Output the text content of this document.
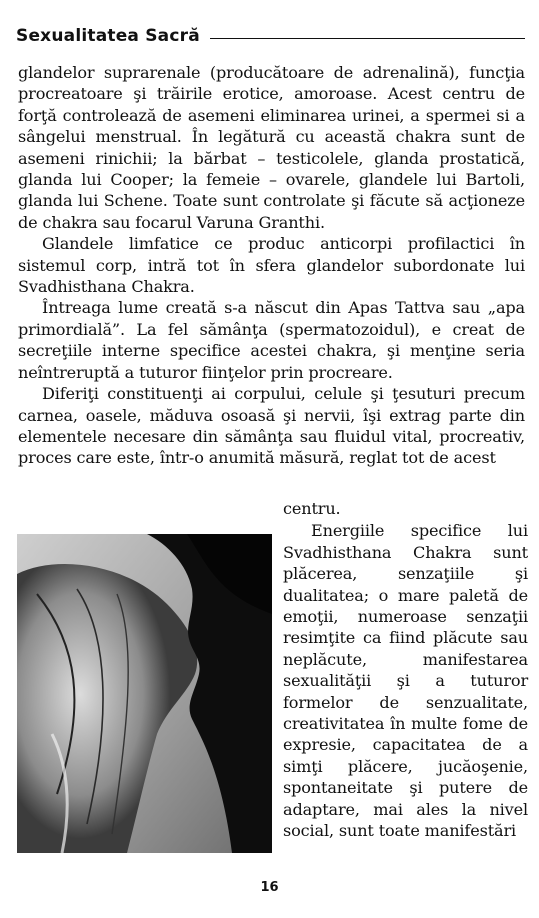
Sexualitatea Sacră

glandelor suprarenale (producătoare de adrenalină), funcţia procreatoare şi trăirile erotice, amoroase. Acest centru de forţă controlează de asemeni eliminarea urinei, a spermei si a sângelui menstrual. În legătură cu această chakra sunt de asemeni rinichii; la bărbat – testicolele, glanda prostatică, glanda lui Cooper; la femeie – ovarele, glandele lui Bartoli, glanda lui Schene. Toate sunt controlate şi făcute să acţioneze de chakra sau focarul Varuna Granthi.

Glandele limfatice ce produc anticorpi profilactici în sistemul corp, intră tot în sfera glandelor subordonate lui Svadhisthana Chakra.

Întreaga lume creată s-a născut din Apas Tattva sau „apa primordială”. La fel sămânţa (spermatozoidul), e creat de secreţiile interne specifice acestei chakra, şi menţine seria neîntreruptă a tuturor fiinţelor prin procreare.

Diferiţi constituenţi ai corpului, celule şi ţesuturi precum carnea, oasele, măduva osoasă şi nervii, îşi extrag parte din elementele necesare din sămânţa sau fluidul vital, procreativ, proces care este, într-o anumită măsură, reglat tot de acest

centru.

Energiile specifice lui Svadhisthana Chakra sunt plăcerea, senzaţiile şi dualitatea; o mare paletă de emoţii, numeroase senzaţii resimţite ca fiind plăcute sau neplăcute, manifestarea sexualităţii şi a tuturor formelor de senzualitate, creativitatea în multe fome de expresie, capacitatea de a simţi plăcere, jucăoşenie, spontaneitate şi putere de adaptare, mai ales la nivel social, sunt toate manifestări

16
